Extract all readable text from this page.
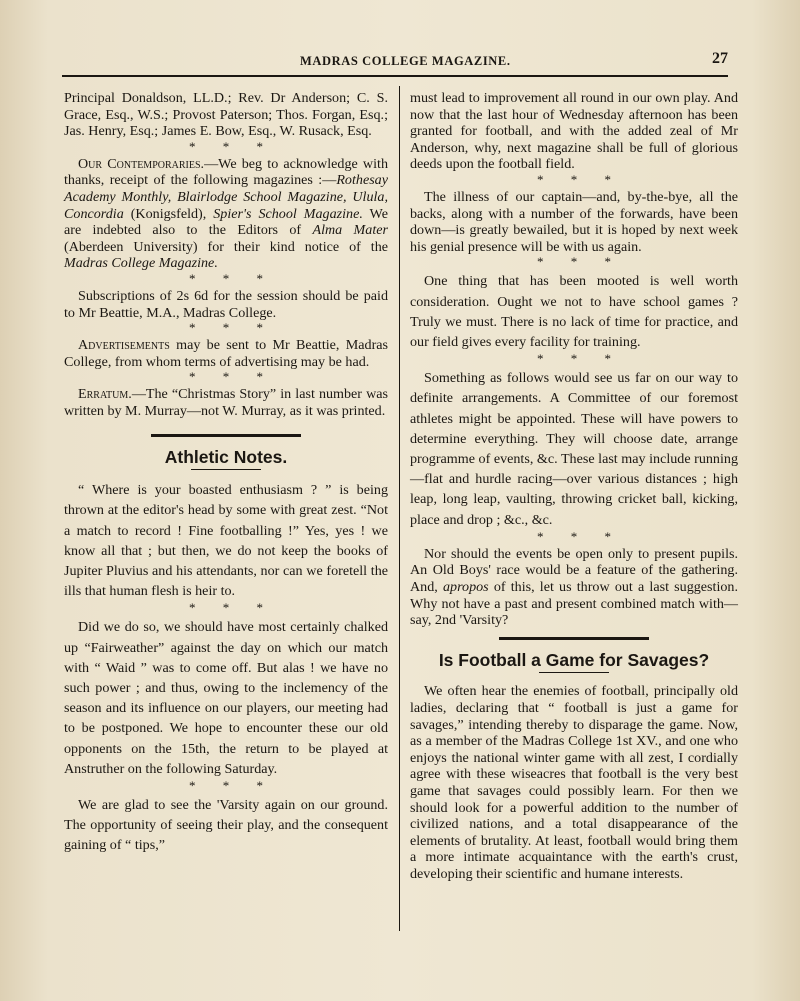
MADRAS COLLEGE MAGAZINE.	27

Principal Donaldson, LL.D.; Rev. Dr Anderson; C. S. Grace, Esq., W.S.; Provost Paterson; Thos. Forgan, Esq.; Jas. Henry, Esq.; James E. Bow, Esq., W. Rusack, Esq.

* * *

Our Contemporaries.—We beg to acknowledge with thanks, receipt of the following magazines :—Rothesay Academy Monthly, Blairlodge School Magazine, Ulula, Concordia (Konigsfeld), Spier's School Magazine. We are indebted also to the Editors of Alma Mater (Aberdeen University) for their kind notice of the Madras College Magazine.

* * *

Subscriptions of 2s 6d for the session should be paid to Mr Beattie, M.A., Madras College.

* * *

Advertisements may be sent to Mr Beattie, Madras College, from whom terms of advertising may be had.

* * *

Erratum.—The “Christmas Story” in last number was written by M. Murray—not W. Murray, as it was printed.

Athletic Notes.

“ Where is your boasted enthusiasm ? ” is being thrown at the editor's head by some with great zest. “Not a match to record ! Fine footballing !” Yes, yes ! we know all that ; but then, we do not keep the books of Jupiter Pluvius and his attendants, nor can we foretell the ills that human flesh is heir to.

* * *

Did we do so, we should have most certainly chalked up “Fairweather” against the day on which our match with “ Waid ” was to come off. But alas ! we have no such power ; and thus, owing to the inclemency of the season and its influence on our players, our meeting had to be postponed. We hope to encounter these our old opponents on the 15th, the return to be played at Anstruther on the following Saturday.

* * *

We are glad to see the 'Varsity again on our ground. The opportunity of seeing their play, and the consequent gaining of “ tips,”

must lead to improvement all round in our own play. And now that the last hour of Wednesday afternoon has been granted for football, and with the added zeal of Mr Anderson, why, next magazine shall be full of glorious deeds upon the football field.

* * *

The illness of our captain—and, by-the-bye, all the backs, along with a number of the forwards, have been down—is greatly bewailed, but it is hoped by next week his genial presence will be with us again.

* * *

One thing that has been mooted is well worth consideration. Ought we not to have school games ? Truly we must. There is no lack of time for practice, and our field gives every facility for training.

* * *

Something as follows would see us far on our way to definite arrangements. A Committee of our foremost athletes might be appointed. These will have powers to determine everything. They will choose date, arrange programme of events, &c. These last may include running—flat and hurdle racing—over various distances ; high leap, long leap, vaulting, throwing cricket ball, kicking, place and drop ; &c., &c.

* * *

Nor should the events be open only to present pupils. An Old Boys' race would be a feature of the gathering. And, apropos of this, let us throw out a last suggestion. Why not have a past and present combined match with—say, 2nd 'Varsity?

Is Football a Game for Savages?

We often hear the enemies of football, principally old ladies, declaring that “ football is just a game for savages,” intending thereby to disparage the game. Now, as a member of the Madras College 1st XV., and one who enjoys the national winter game with all zest, I cordially agree with these wiseacres that football is the very best game that savages could possibly learn. For then we should look for a powerful addition to the number of civilized nations, and a total disappearance of the elements of brutality. At least, football would bring them a more intimate acquaintance with the earth's crust, developing their scientific and humane interests.
